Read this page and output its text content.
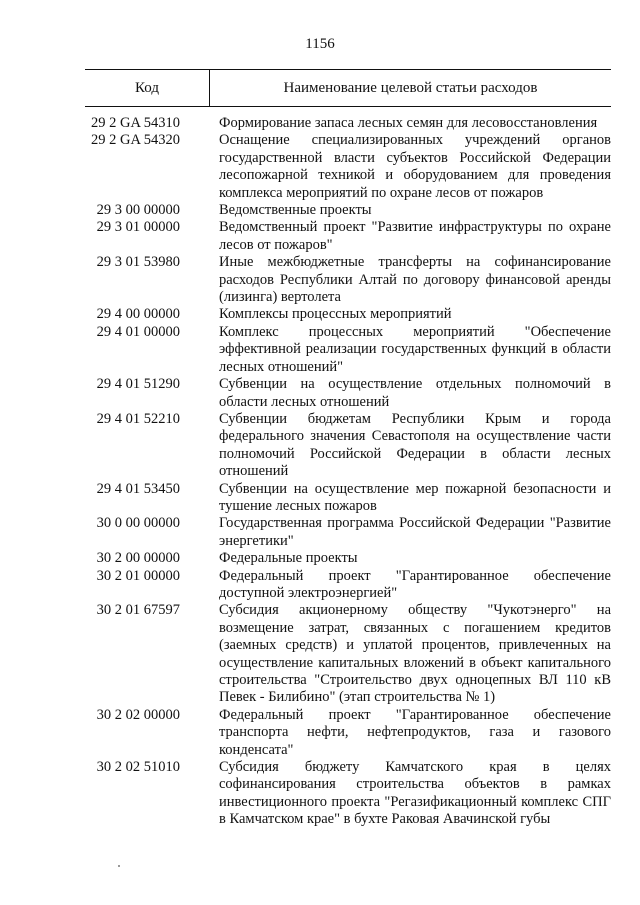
1156
Код	Наименование целевой статьи расходов
29 2 GA 54310	Формирование запаса лесных семян для лесовосстановления
29 2 GA 54320	Оснащение специализированных учреждений органов государственной власти субъектов Российской Федерации лесопожарной техникой и оборудованием для проведения комплекса мероприятий по охране лесов от пожаров
29 3 00 00000	Ведомственные проекты
29 3 01 00000	Ведомственный проект "Развитие инфраструктуры по охране лесов от пожаров"
29 3 01 53980	Иные межбюджетные трансферты на софинансирование расходов Республики Алтай по договору финансовой аренды (лизинга) вертолета
29 4 00 00000	Комплексы процессных мероприятий
29 4 01 00000	Комплекс процессных мероприятий "Обеспечение эффективной реализации государственных функций в области лесных отношений"
29 4 01 51290	Субвенции на осуществление отдельных полномочий в области лесных отношений
29 4 01 52210	Субвенции бюджетам Республики Крым и города федерального значения Севастополя на осуществление части полномочий Российской Федерации в области лесных отношений
29 4 01 53450	Субвенции на осуществление мер пожарной безопасности и тушение лесных пожаров
30 0 00 00000	Государственная программа Российской Федерации "Развитие энергетики"
30 2 00 00000	Федеральные проекты
30 2 01 00000	Федеральный проект "Гарантированное обеспечение доступной электроэнергией"
30 2 01 67597	Субсидия акционерному обществу "Чукотэнерго" на возмещение затрат, связанных с погашением кредитов (заемных средств) и уплатой процентов, привлеченных на осуществление капитальных вложений в объект капитального строительства "Строительство двух одноцепных ВЛ 110 кВ Певек - Билибино" (этап строительства № 1)
30 2 02 00000	Федеральный проект "Гарантированное обеспечение транспорта нефти, нефтепродуктов, газа и газового конденсата"
30 2 02 51010	Субсидия бюджету Камчатского края в целях софинансирования строительства объектов в рамках инвестиционного проекта "Регазификационный комплекс СПГ в Камчатском крае" в бухте Раковая Авачинской губы
